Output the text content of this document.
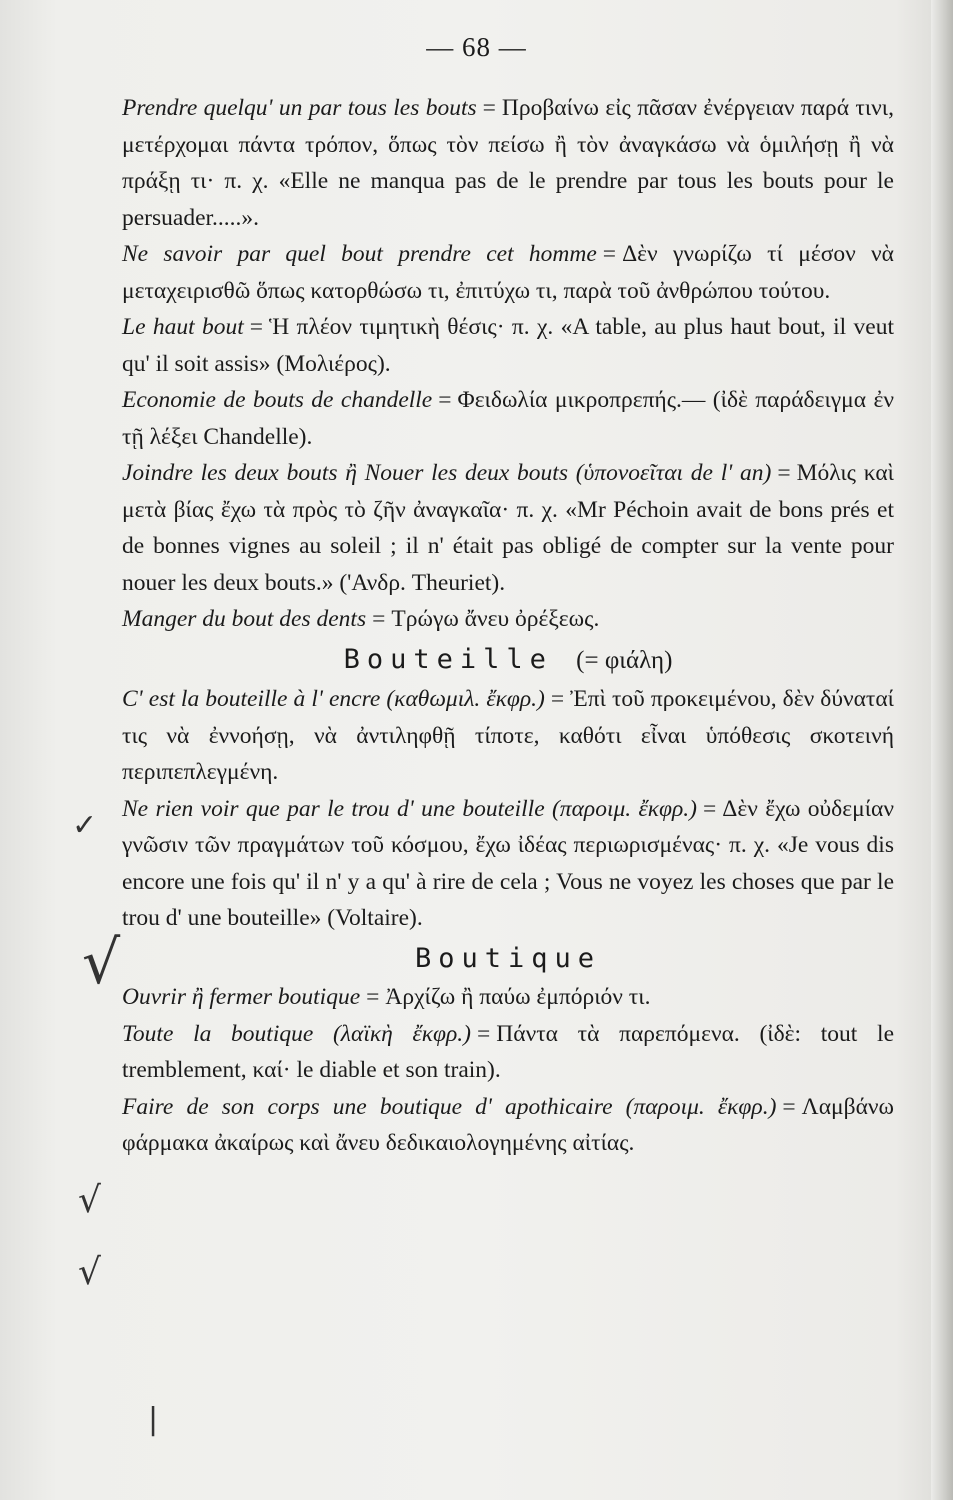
— 68 —
✓
√
√
√
|
Prendre quelqu' un par tous les bouts = Προβαίνω εἰς πᾶσαν ἐνέργειαν παρά τινι, μετέρχομαι πάντα τρόπον, ὅπως τὸν πείσω ἢ τὸν ἀναγκάσω νὰ ὁμιλήσῃ ἢ νὰ πράξῃ τι· π. χ. «Elle ne manqua pas de le prendre par tous les bouts pour le persuader.....».
Ne savoir par quel bout prendre cet homme = Δὲν γνωρίζω τί μέσον νὰ μεταχειρισθῶ ὅπως κατορθώσω τι, ἐπιτύχω τι, παρὰ τοῦ ἀνθρώπου τούτου.
Le haut bout = Ἡ πλέον τιμητικὴ θέσις· π. χ. «A table, au plus haut bout, il veut qu' il soit assis» (Μολιέρος).
Economie de bouts de chandelle = Φειδωλία μικροπρεπής.— (ἰδὲ παράδειγμα ἐν τῇ λέξει Chandelle).
Joindre les deux bouts ἢ Nouer les deux bouts (ὑπονοεῖται de l' an) = Μόλις καὶ μετὰ βίας ἔχω τὰ πρὸς τὸ ζῆν ἀναγκαῖα· π. χ. «Mr Péchoin avait de bons prés et de bonnes vignes au soleil ; il n' était pas obligé de compter sur la vente pour nouer les deux bouts.» ('Ανδρ. Theuriet).
Manger du bout des dents = Τρώγω ἄνευ ὀρέξεως.
Bouteille (= φιάλη)
C' est la bouteille à l' encre (καθωμιλ. ἔκφρ.) = Ἐπὶ τοῦ προκειμένου, δὲν δύναταί τις νὰ ἐννοήσῃ, νὰ ἀντιληφθῇ τίποτε, καθότι εἶναι ὑπόθεσις σκοτεινή περιπεπλεγμένη.
Ne rien voir que par le trou d' une bouteille (παροιμ. ἔκφρ.) = Δὲν ἔχω οὐδεμίαν γνῶσιν τῶν πραγμάτων τοῦ κόσμου, ἔχω ἰδέας περιωρισμένας· π. χ. «Je vous dis encore une fois qu' il n' y a qu' à rire de cela ; Vous ne voyez les choses que par le trou d' une bouteille» (Voltaire).
Boutique
Ouvrir ἢ fermer boutique = Ἀρχίζω ἢ παύω ἐμπόριόν τι.
Toute la boutique (λαϊκὴ ἔκφρ.) = Πάντα τὰ παρεπόμενα. (ἰδὲ: tout le tremblement, καί· le diable et son train).
Faire de son corps une boutique d' apothicaire (παροιμ. ἔκφρ.) = Λαμβάνω φάρμακα ἀκαίρως καὶ ἄνευ δεδικαιολογημένης αἰτίας.
